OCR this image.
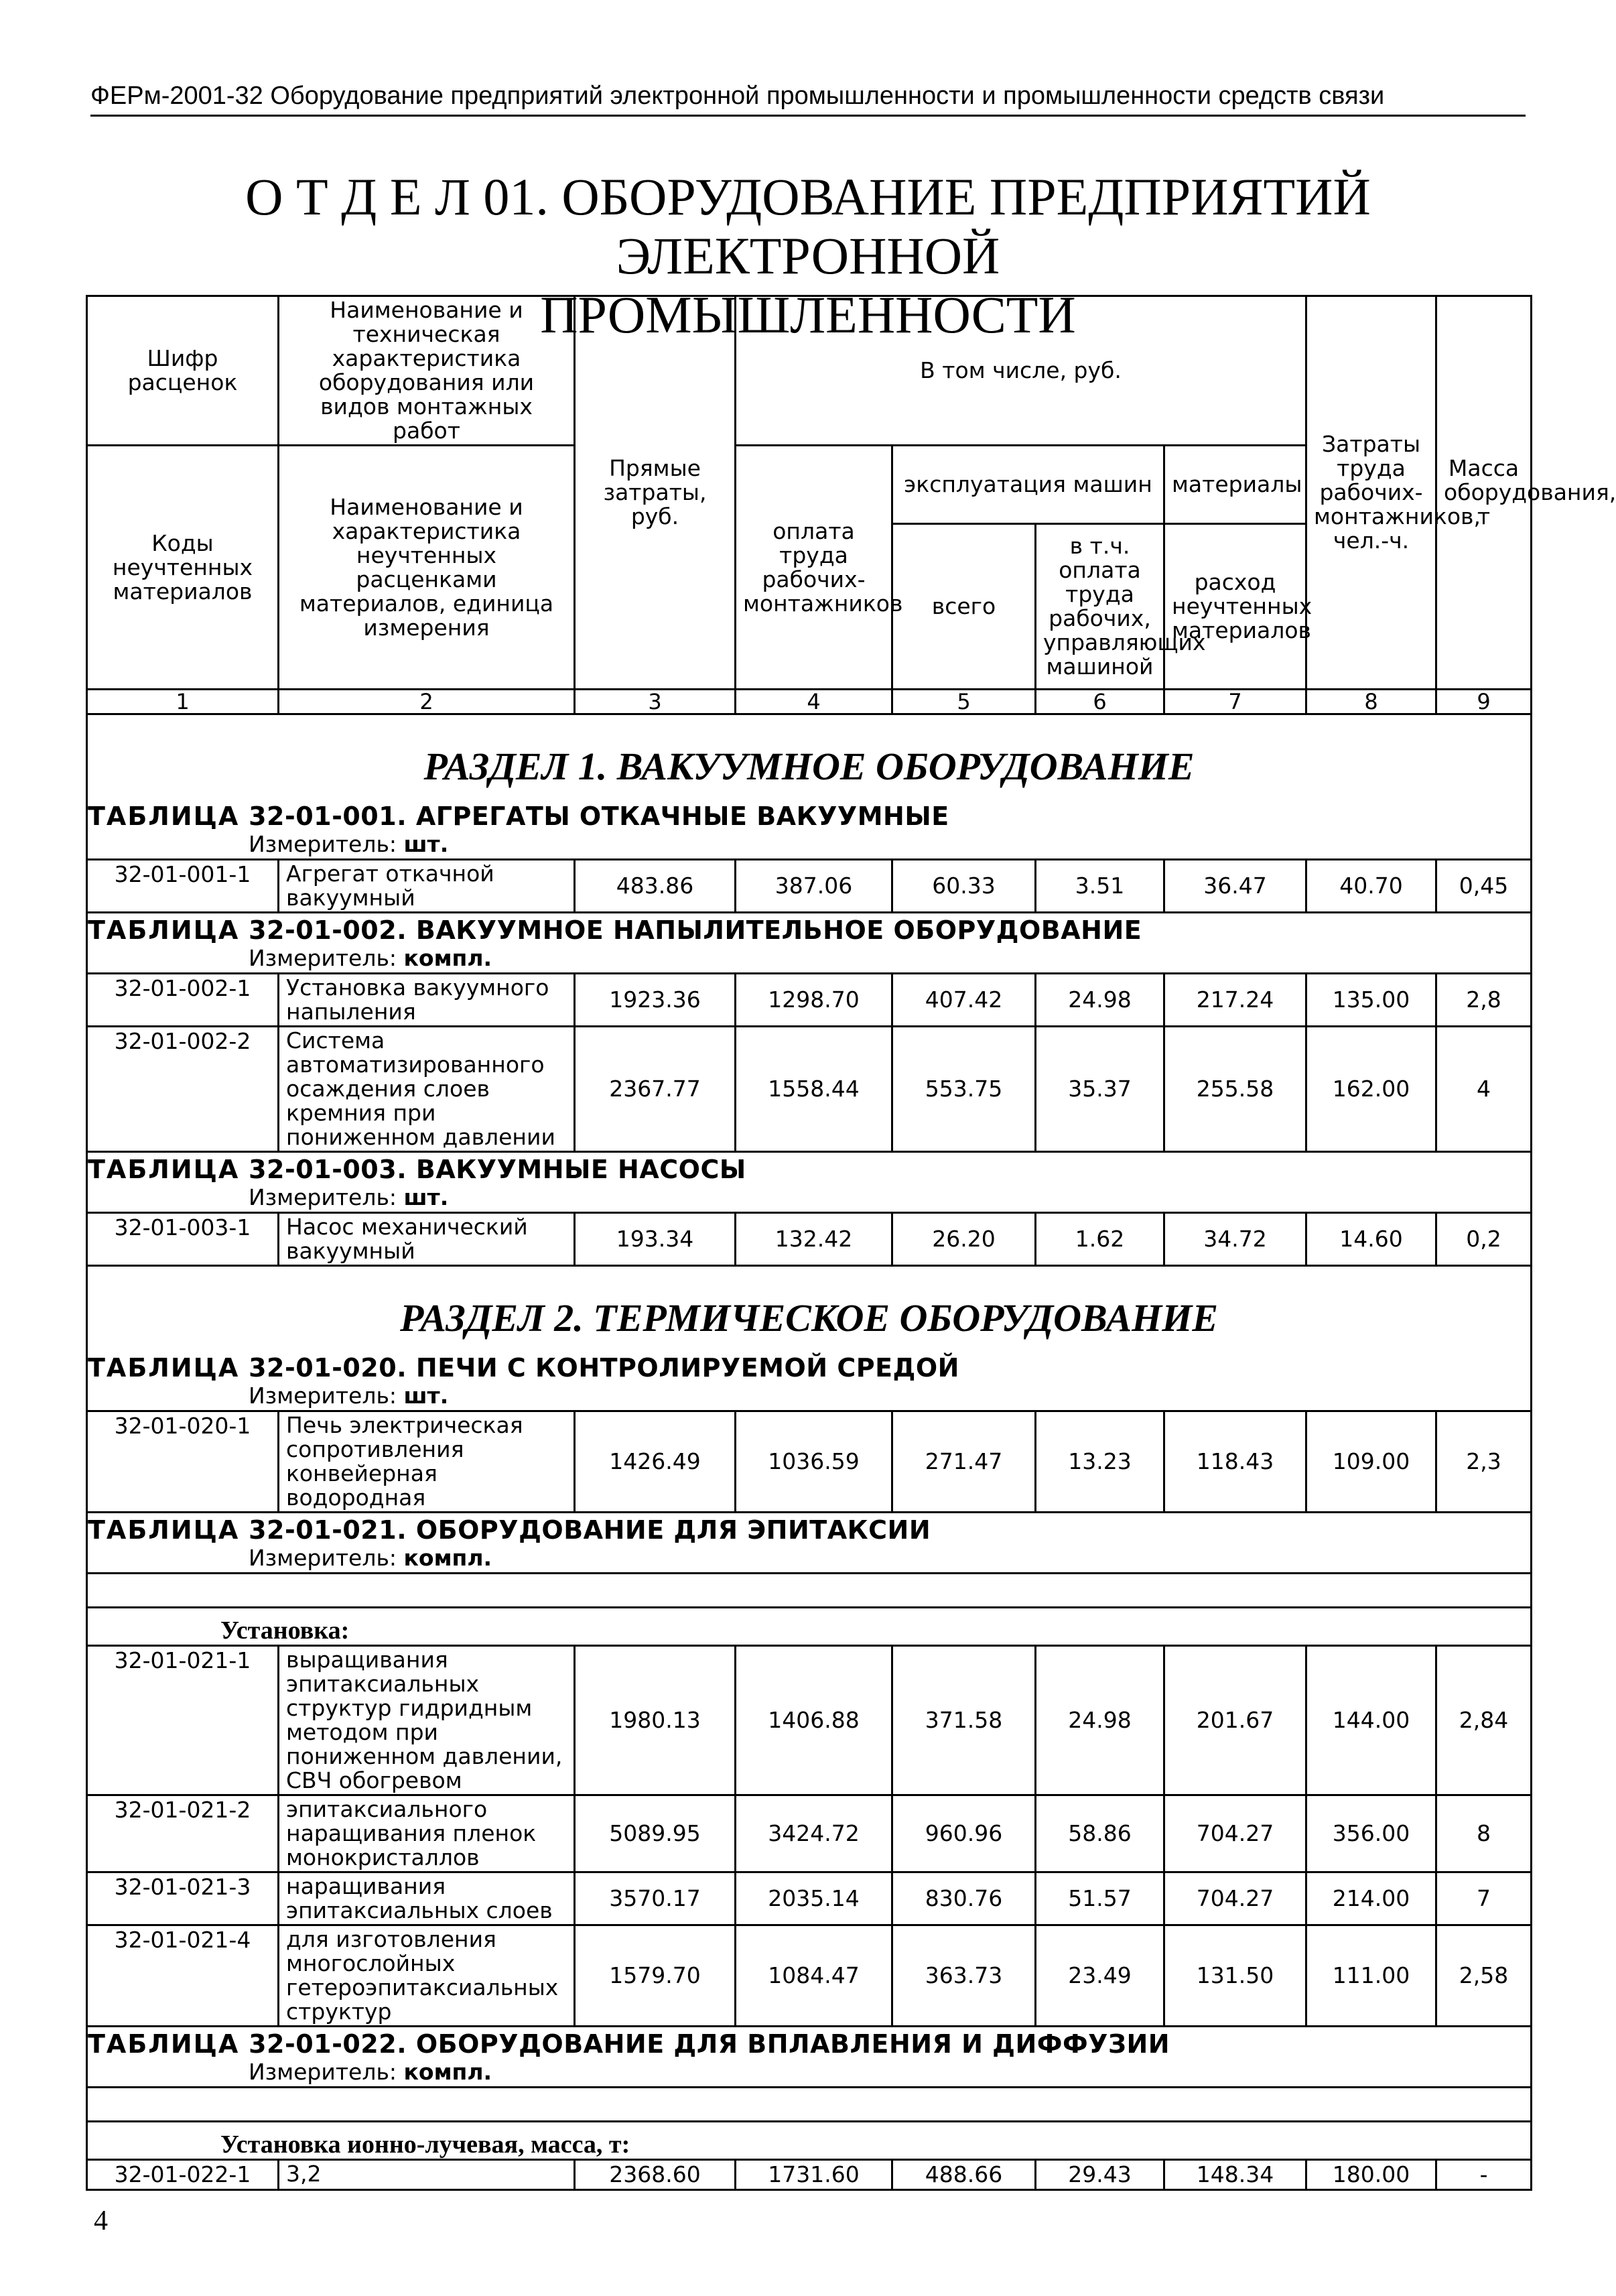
ФЕРм-2001-32 Оборудование предприятий электронной промышленности и промышленности средств связи
О Т Д Е Л 01. ОБОРУДОВАНИЕ ПРЕДПРИЯТИЙ ЭЛЕКТРОННОЙ
ПРОМЫШЛЕННОСТИ
Шифр расценок	Наименование и техническая характеристика оборудования или видов монтажных работ	Прямые затраты, руб.	В том числе, руб.				Затраты труда рабочих-монтажников, чел.-ч.	Масса оборудования, т
Коды неучтенных материалов	Наименование и характеристика неучтенных расценками материалов, единица измерения		оплата труда рабочих-монтажников	эксплуатация машин		материалы		
				всего	в т.ч. оплата труда рабочих, управляющих машиной	расход неучтенных материалов		
1	2	3	4	5	6	7	8	9
РАЗДЕЛ 1. ВАКУУМНОЕ ОБОРУДОВАНИЕ								
ТАБЛИЦА 32-01-001. АГРЕГАТЫ ОТКАЧНЫЕ ВАКУУМНЫЕ								
Измеритель: шт.								
32-01-001-1	Агрегат откачной вакуумный	483.86	387.06	60.33	3.51	36.47	40.70	0,45
ТАБЛИЦА 32-01-002. ВАКУУМНОЕ НАПЫЛИТЕЛЬНОЕ ОБОРУДОВАНИЕ								
Измеритель: компл.								
32-01-002-1	Установка вакуумного напыления	1923.36	1298.70	407.42	24.98	217.24	135.00	2,8
32-01-002-2	Система автоматизированного осаждения слоев кремния при пониженном давлении	2367.77	1558.44	553.75	35.37	255.58	162.00	4
ТАБЛИЦА 32-01-003. ВАКУУМНЫЕ НАСОСЫ								
Измеритель: шт.								
32-01-003-1	Насос механический вакуумный	193.34	132.42	26.20	1.62	34.72	14.60	0,2
РАЗДЕЛ 2. ТЕРМИЧЕСКОЕ ОБОРУДОВАНИЕ								
ТАБЛИЦА 32-01-020. ПЕЧИ С КОНТРОЛИРУЕМОЙ СРЕДОЙ								
Измеритель: шт.								
32-01-020-1	Печь электрическая сопротивления конвейерная водородная	1426.49	1036.59	271.47	13.23	118.43	109.00	2,3
ТАБЛИЦА 32-01-021. ОБОРУДОВАНИЕ ДЛЯ ЭПИТАКСИИ								
Измеритель: компл.								

Установка:								
32-01-021-1	выращивания эпитаксиальных структур гидридным методом при пониженном давлении, СВЧ обогревом	1980.13	1406.88	371.58	24.98	201.67	144.00	2,84
32-01-021-2	эпитаксиального наращивания пленок монокристаллов	5089.95	3424.72	960.96	58.86	704.27	356.00	8
32-01-021-3	наращивания эпитаксиальных слоев	3570.17	2035.14	830.76	51.57	704.27	214.00	7
32-01-021-4	для изготовления многослойных гетероэпитаксиальных структур	1579.70	1084.47	363.73	23.49	131.50	111.00	2,58
ТАБЛИЦА 32-01-022. ОБОРУДОВАНИЕ ДЛЯ ВПЛАВЛЕНИЯ И ДИФФУЗИИ								
Измеритель: компл.								

Установка ионно-лучевая, масса, т:								
32-01-022-1	3,2	2368.60	1731.60	488.66	29.43	148.34	180.00	-
4
